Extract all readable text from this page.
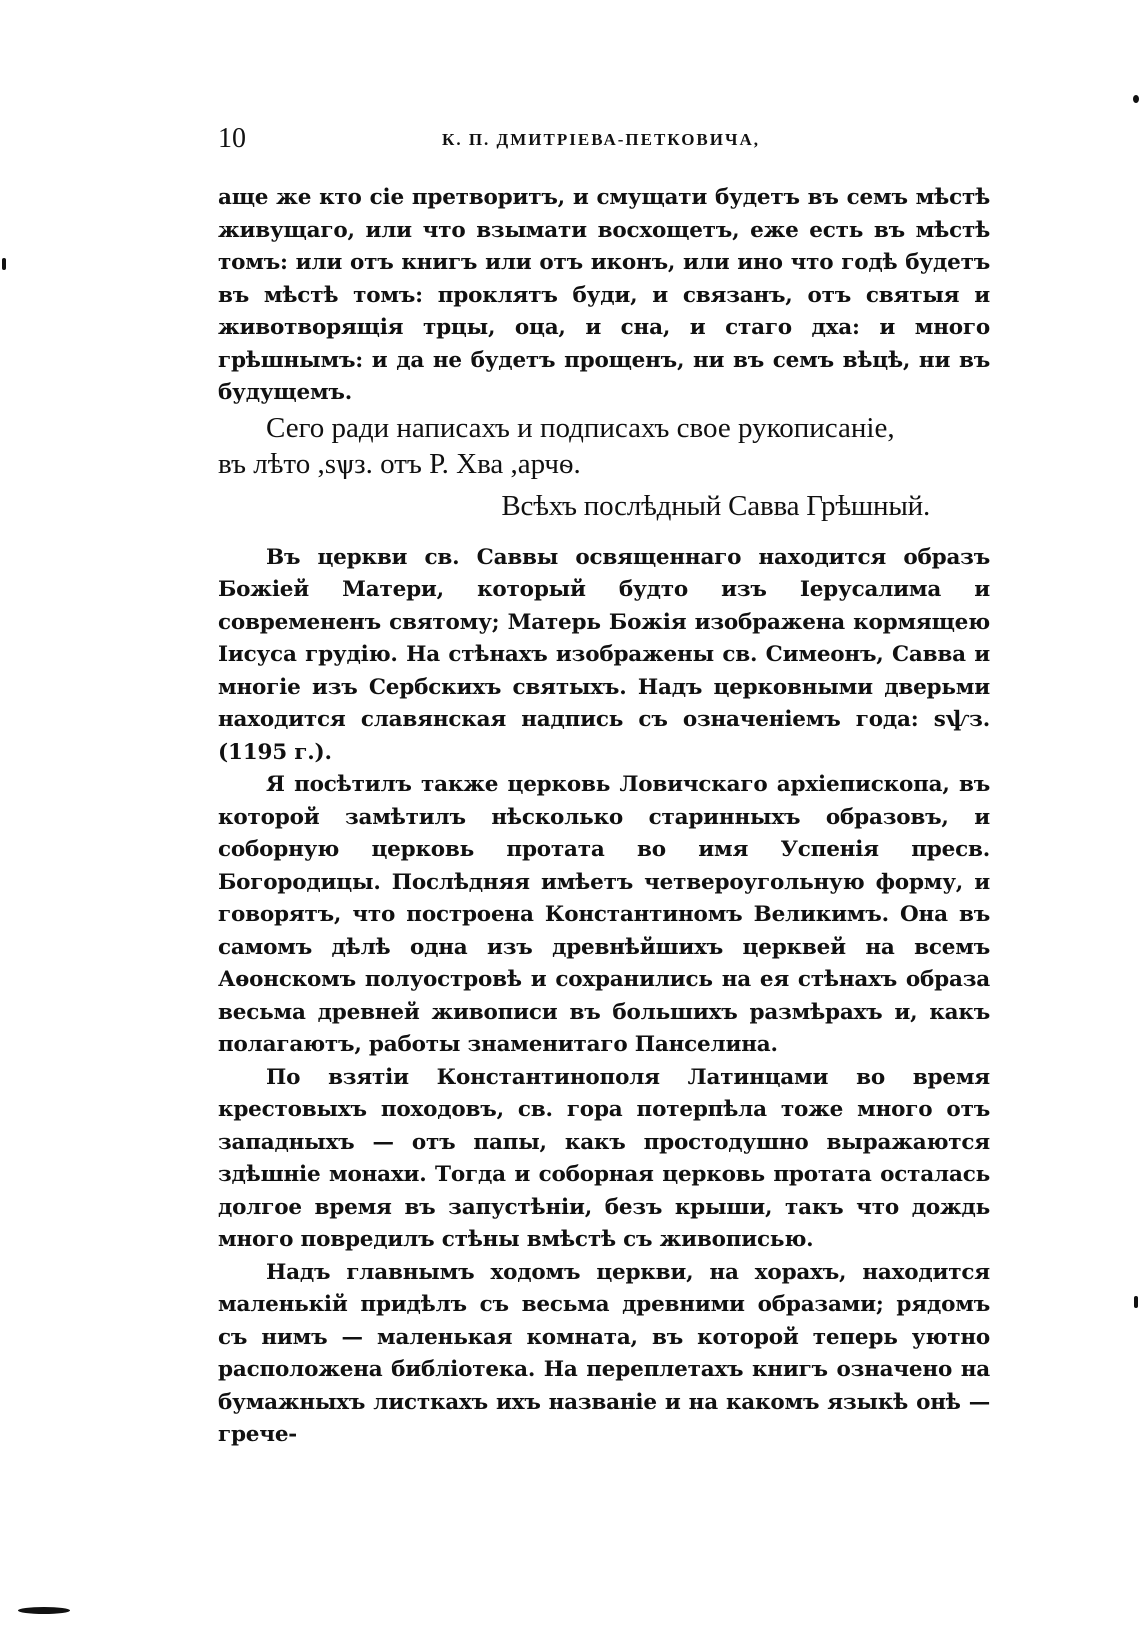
10	К. П. ДМИТРІЕВА-ПЕТКОВИЧА,

аще же кто сіе претворитъ, и смущати будетъ въ семъ мѣстѣ живущаго, или что взымати восхощетъ, еже есть въ мѣстѣ томъ: или отъ книгъ или отъ иконъ, или ино что годѣ будетъ въ мѣстѣ томъ: проклятъ буди, и связанъ, отъ святыя и животворящія трцы, оца, и сна, и стаго дха: и много грѣшнымъ: и да не будетъ прощенъ, ни въ семъ вѣцѣ, ни въ будущемъ.

Сего ради написахъ и подписахъ свое рукописаніе,

въ лѣто ,sѱз. отъ Р. Хва ,арчѳ.

Всѣхъ послѣдный Савва Грѣшный.

Въ церкви св. Саввы освященнаго находится образъ Божіей Матери, который будто изъ Іерусалима и современенъ святому; Матерь Божія изображена кормящею Іисуса грудію. На стѣнахъ изображены св. Симеонъ, Савва и многіе изъ Сербскихъ святыхъ. Надъ церковными дверьми находится славянская надпись съ означеніемъ года: sѱз. (1195 г.).

Я посѣтилъ также церковь Ловичскаго архіепископа, въ которой замѣтилъ нѣсколько старинныхъ образовъ, и соборную церковь протата во имя Успенія пресв. Богородицы. Послѣдняя имѣетъ четвероугольную форму, и говорятъ, что построена Константиномъ Великимъ. Она въ самомъ дѣлѣ одна изъ древнѣйшихъ церквей на всемъ Аѳонскомъ полуостровѣ и сохранились на ея стѣнахъ образа весьма древней живописи въ большихъ размѣрахъ и, какъ полагаютъ, работы знаменитаго Панселина.

По взятіи Константинополя Латинцами во время крестовыхъ походовъ, св. гора потерпѣла тоже много отъ западныхъ — отъ папы, какъ простодушно выражаются здѣшніе монахи. Тогда и соборная церковь протата осталась долгое время въ запустѣніи, безъ крыши, такъ что дождь много повредилъ стѣны вмѣстѣ съ живописью.

Надъ главнымъ ходомъ церкви, на хорахъ, находится маленькій придѣлъ съ весьма древними образами; рядомъ съ нимъ — маленькая комната, въ которой теперь уютно расположена библіотека. На переплетахъ книгъ означено на бумажныхъ листкахъ ихъ названіе и на какомъ языкѣ онѣ — грече-
